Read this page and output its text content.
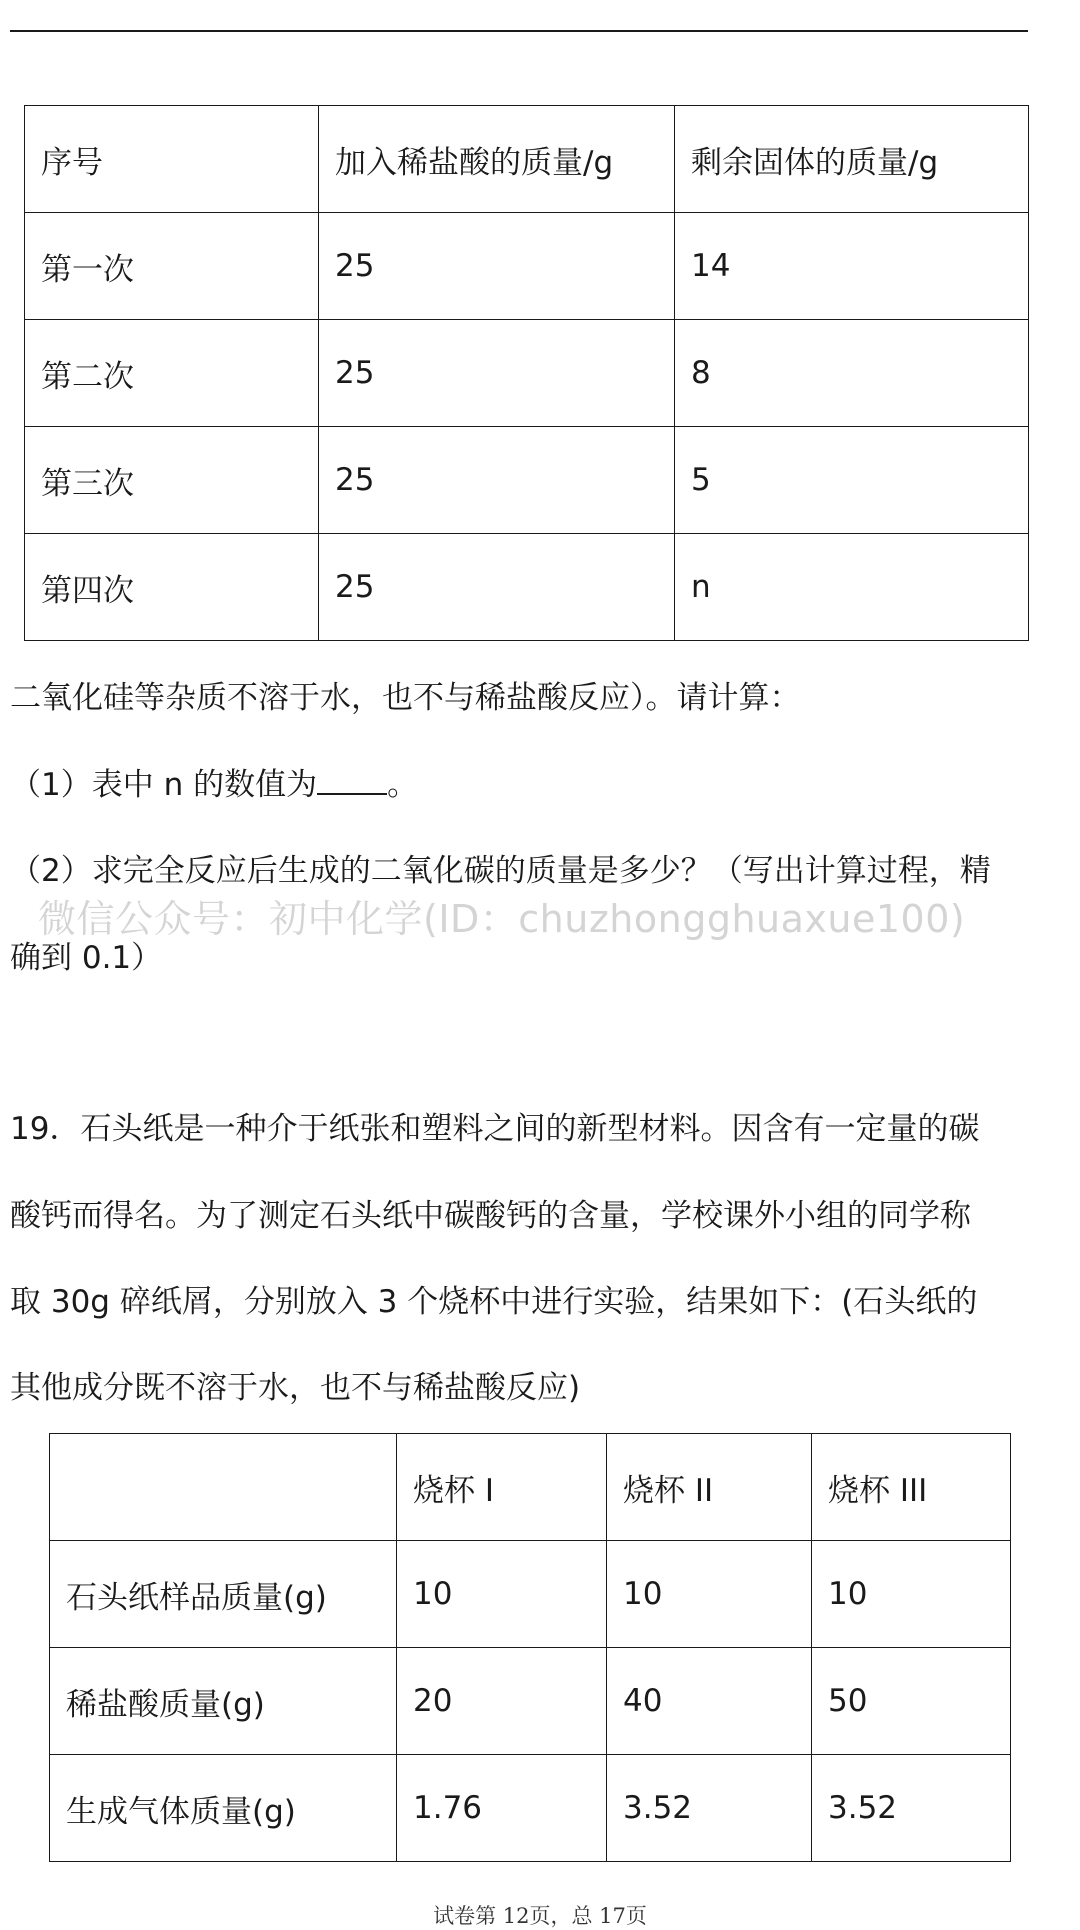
序号	加入稀盐酸的质量/g	剩余固体的质量/g
第一次	25	14
第二次	25	8
第三次	25	5
第四次	25	n

二氧化硅等杂质不溶于水，也不与稀盐酸反应）。请计算：

（1）表中 n 的数值为 。

（2）求完全反应后生成的二氧化碳的质量是多少？（写出计算过程，精

微信公众号：初中化学(ID：chuzhongghuaxue100)

确到 0.1）

19．石头纸是一种介于纸张和塑料之间的新型材料。因含有一定量的碳

酸钙而得名。为了测定石头纸中碳酸钙的含量，学校课外小组的同学称

取 30g 碎纸屑，分别放入 3 个烧杯中进行实验，结果如下：(石头纸的

其他成分既不溶于水，也不与稀盐酸反应)

	烧杯 I	烧杯 II	烧杯 III
石头纸样品质量(g)	10	10	10
稀盐酸质量(g)	20	40	50
生成气体质量(g)	1.76	3.52	3.52
试卷第 12页，总 17页
